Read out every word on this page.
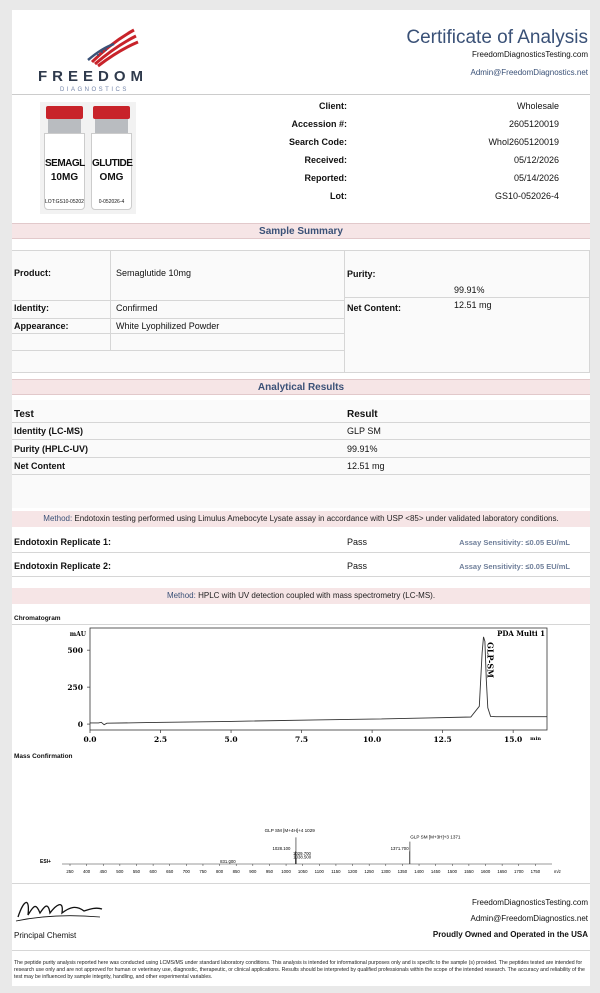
FREEDOM
DIAGNOSTICS
Certificate of Analysis
FreedomDiagnosticsTesting.com
Admin@FreedomDiagnostics.net
SEMAGL
10MG
LOT:GS10-05202
GLUTIDE
OMG
0-052026-4
Client:	Wholesale
Accession #:	2605120019
Search Code:	Whol2605120019
Received:	05/12/2026
Reported:	05/14/2026
Lot:	GS10-052026-4
Sample Summary
Product:	Semaglutide 10mg
Identity:	Confirmed
Appearance:	White Lyophilized Powder
Purity:
99.91%
Net Content:	12.51 mg
Analytical Results
Test	Result
Identity (LC-MS)	GLP SM
Purity (HPLC-UV)	99.91%
Net Content	12.51 mg
Method: Endotoxin testing performed using Limulus Amebocyte Lysate assay in accordance with USP <85> under validated laboratory conditions.
Endotoxin Replicate 1:	Pass	Assay Sensitivity: ≤0.05 EU/mL
Endotoxin Replicate 2:	Pass	Assay Sensitivity: ≤0.05 EU/mL
Method: HPLC with UV detection coupled with mass spectrometry (LC-MS).
Chromatogram
mAU
min
0.0	2.5	5.0	7.5	10.0	12.5	15.0
0
250
500	GLP-SM
PDA Multi 1
Mass Confirmation
ESI+
250 400 450 500 550 600 650 700 750 800 850 900 950 1000 1050 1100 1150 1200 1250 1300 1350 1400 1450 1500 1550 1600 1650 1700 1750	m/z
831.000
1028.100
1029.700
1038.500
1371.700
GLP SM [M+4H]+4 1029
GLP SM [M+3H]+3 1371
Principal Chemist
FreedomDiagnosticsTesting.com
Admin@FreedomDiagnostics.net
Proudly Owned and Operated in the USA
The peptide purity analysis reported here was conducted using LCMS/MS under standard laboratory conditions. This analysis is intended for informational purposes only and is specific to the sample (s) provided. The peptides tested are intended for research use only and are not approved for human or veterinary use, diagnostic, therapeutic, or clinical applications. Results should be interpreted by qualified professionals within the scope of the intended research. The accuracy and reliability of the test may be influenced by sample integrity, handling, and other experimental variables.
